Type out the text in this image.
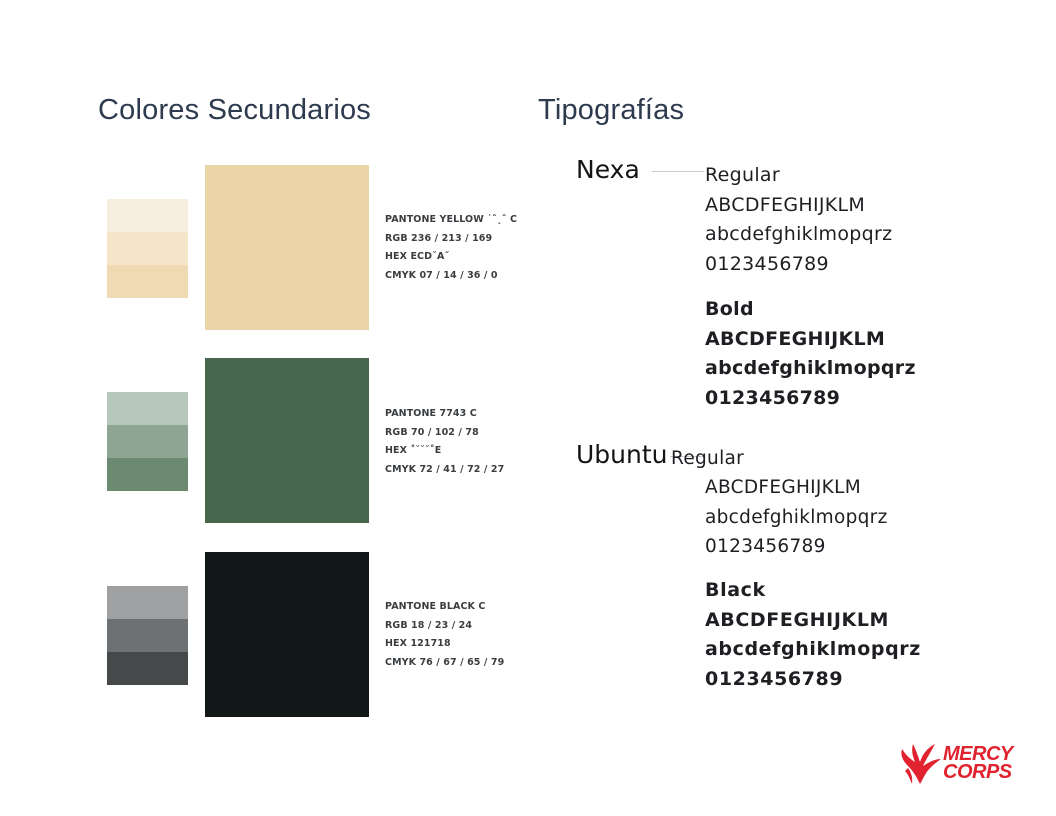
Colores Secundarios	Tipografías
PANTONE YELLOW ˙ˆ˛ˆ C
RGB 236 / 213 / 169
HEX ECD˘A˝
CMYK 07 / 14 / 36 / 0
PANTONE 7743 C
RGB 70 / 102 / 78
HEX ˚˘˘˘˚E
CMYK 72 / 41 / 72 / 27
PANTONE BLACK C
RGB 18 / 23 / 24
HEX 121718
CMYK 76 / 67 / 65 / 79
Nexa	Regular
ABCDFEGHIJKLM
abcdefghiklmopqrz
0123456789
Bold
ABCDFEGHIJKLM
abcdefghiklmopqrz
0123456789
Ubuntu Regular
ABCDFEGHIJKLM
abcdefghiklmopqrz
0123456789
Black
ABCDFEGHIJKLM
abcdefghiklmopqrz
0123456789
MERCY
CORPS
